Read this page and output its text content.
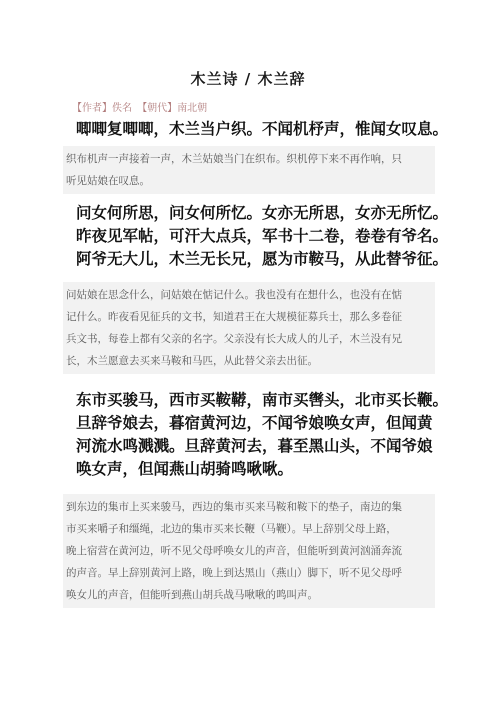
木兰诗 / 木兰辞
【作者】佚名 【朝代】南北朝
唧唧复唧唧，木兰当户织。不闻机杼声，惟闻女叹息。
织布机声一声接着一声，木兰姑娘当门在织布。织机停下来不再作响，只
听见姑娘在叹息。
问女何所思，问女何所忆。女亦无所思，女亦无所忆。
昨夜见军帖，可汗大点兵，军书十二卷，卷卷有爷名。
阿爷无大儿，木兰无长兄，愿为市鞍马，从此替爷征。
问姑娘在思念什么，问姑娘在惦记什么。我也没有在想什么，也没有在惦
记什么。昨夜看见征兵的文书，知道君王在大规模征募兵士，那么多卷征
兵文书，每卷上都有父亲的名字。父亲没有长大成人的儿子，木兰没有兄
长，木兰愿意去买来马鞍和马匹，从此替父亲去出征。
东市买骏马，西市买鞍鞯，南市买辔头，北市买长鞭。
旦辞爷娘去，暮宿黄河边，不闻爷娘唤女声，但闻黄
河流水鸣溅溅。旦辞黄河去，暮至黑山头，不闻爷娘
唤女声，但闻燕山胡骑鸣啾啾。
到东边的集市上买来骏马，西边的集市买来马鞍和鞍下的垫子，南边的集
市买来嚼子和缰绳，北边的集市买来长鞭（马鞭）。早上辞别父母上路，
晚上宿营在黄河边，听不见父母呼唤女儿的声音，但能听到黄河汹涌奔流
的声音。早上辞别黄河上路，晚上到达黑山（燕山）脚下，听不见父母呼
唤女儿的声音，但能听到燕山胡兵战马啾啾的鸣叫声。
